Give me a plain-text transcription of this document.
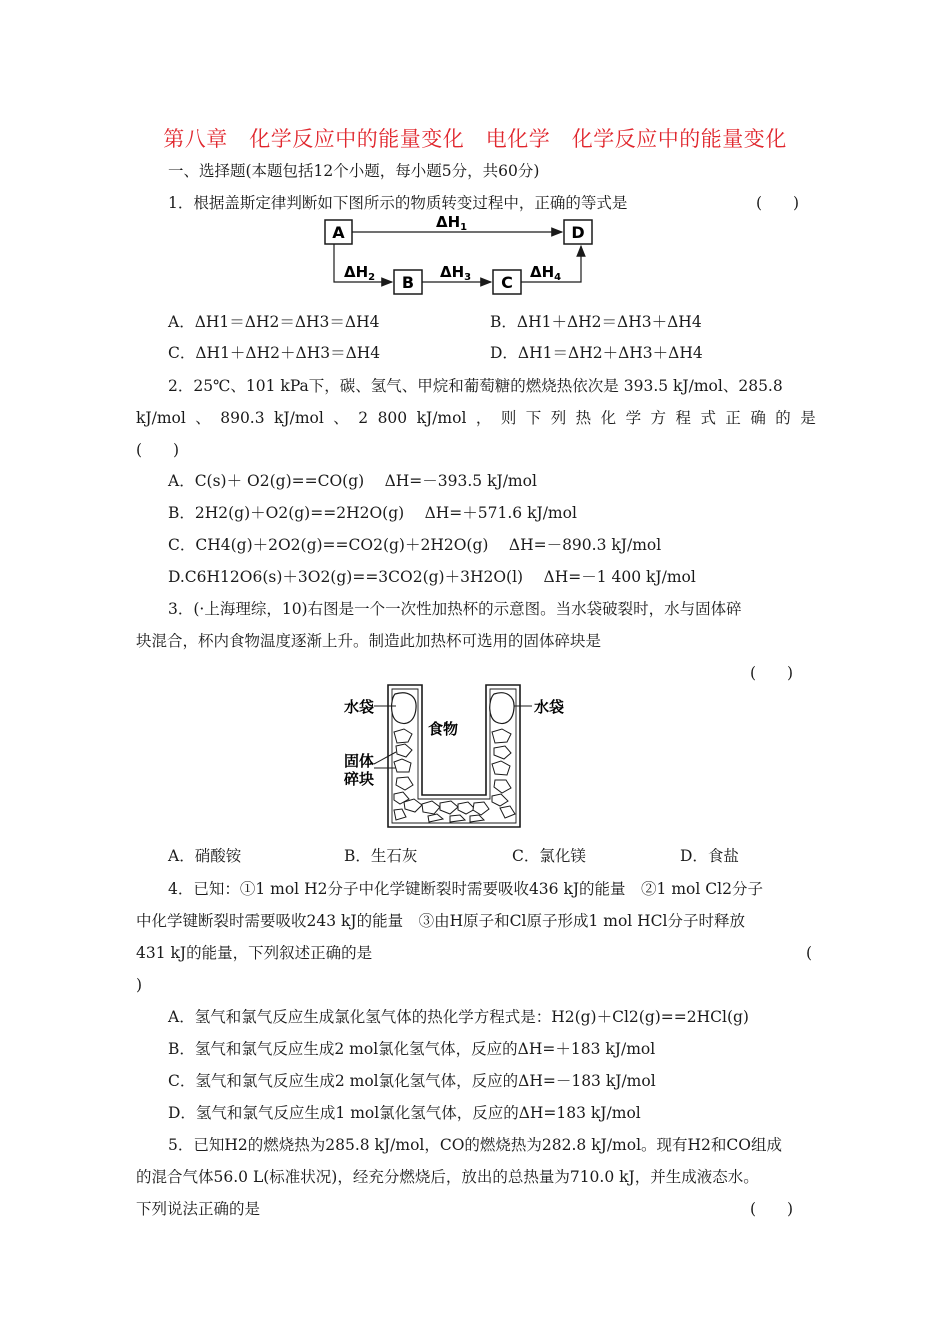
第八章　化学反应中的能量变化　电化学　化学反应中的能量变化
一、选择题(本题包括12个小题，每小题5分，共60分)
1．根据盖斯定律判断如下图所示的物质转变过程中，正确的等式是	(　　)
A	D
B	C
$\Delta H_1$
$\Delta H_2$	$\Delta H_3$	$\Delta H_4$
A．ΔH1＝ΔH2＝ΔH3＝ΔH4	B．ΔH1＋ΔH2＝ΔH3＋ΔH4
C．ΔH1＋ΔH2＋ΔH3＝ΔH4	D．ΔH1＝ΔH2＋ΔH3＋ΔH4
2．25℃、101 kPa下，碳、氢气、甲烷和葡萄糖的燃烧热依次是 393.5 kJ/mol、285.8
kJ/mol 、 890.3 kJ/mol 、 2 800 kJ/mol ， 则 下 列 热 化 学 方 程 式 正 确 的 是
(　　)
A．C(s)＋ O2(g)==CO(g)　 ΔH=－393.5 kJ/mol
B．2H2(g)＋O2(g)==2H2O(g)　 ΔH=＋571.6 kJ/mol
C．CH4(g)＋2O2(g)==CO2(g)＋2H2O(g)　 ΔH=－890.3 kJ/mol
D.C6H12O6(s)＋3O2(g)==3CO2(g)＋3H2O(l)　 ΔH=－1 400 kJ/mol
3．(·上海理综，10)右图是一个一次性加热杯的示意图。当水袋破裂时，水与固体碎
块混合，杯内食物温度逐渐上升。制造此加热杯可选用的固体碎块是
(　　)
水袋	水袋
食物
固体
碎块
A．硝酸铵	B．生石灰	C．氯化镁	D．食盐
4．已知：①1 mol H2分子中化学键断裂时需要吸收436 kJ的能量　②1 mol Cl2分子
中化学键断裂时需要吸收243 kJ的能量　③由H原子和Cl原子形成1 mol HCl分子时释放
431 kJ的能量，下列叙述正确的是	(
)
A．氢气和氯气反应生成氯化氢气体的热化学方程式是：H2(g)＋Cl2(g)==2HCl(g)
B．氢气和氯气反应生成2 mol氯化氢气体，反应的ΔH=＋183 kJ/mol
C．氢气和氯气反应生成2 mol氯化氢气体，反应的ΔH=－183 kJ/mol
D．氢气和氯气反应生成1 mol氯化氢气体，反应的ΔH=183 kJ/mol
5．已知H2的燃烧热为285.8 kJ/mol，CO的燃烧热为282.8 kJ/mol。现有H2和CO组成
的混合气体56.0 L(标准状况)，经充分燃烧后，放出的总热量为710.0 kJ，并生成液态水。
下列说法正确的是	(　　)
